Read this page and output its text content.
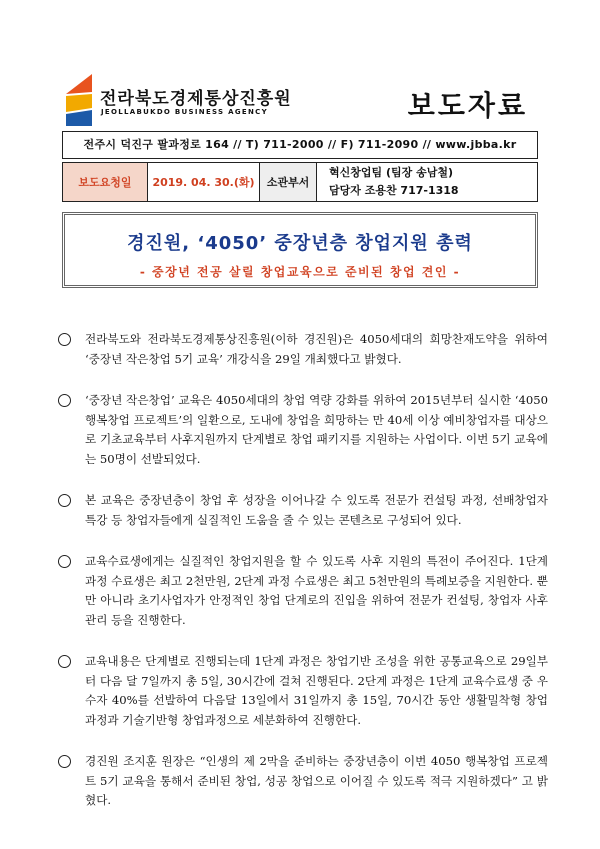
전라북도경제통상진흥원
JEOLLABUKDO BUSINESS AGENCY	보도자료
전주시 덕진구 팔과정로 164 // T) 711-2000 // F) 711-2090 // www.jbba.kr
보도요청일	2019. 04. 30.(화)	소관부서
혁신창업팀 (팀장 송남철)
담당자 조용찬 717-1318
경진원, ‘4050’ 중장년층 창업지원 총력
- 중장년 전공 살릴 창업교육으로 준비된 창업 견인 -
전라북도와 전라북도경제통상진흥원(이하 경진원)은 4050세대의 희망찬재도약을 위하여 ‘중장년 작은창업 5기 교육’ 개강식을 29일 개최했다고 밝혔다.
‘중장년 작은창업’ 교육은 4050세대의 창업 역량 강화를 위하여 2015년부터 실시한 ‘4050 행복창업 프로젝트’의 일환으로, 도내에 창업을 희망하는 만 40세 이상 예비창업자를 대상으로 기초교육부터 사후지원까지 단계별로 창업 패키지를 지원하는 사업이다. 이번 5기 교육에는 50명이 선발되었다.
본 교육은 중장년층이 창업 후 성장을 이어나갈 수 있도록 전문가 컨설팅 과정, 선배창업자 특강 등 창업자들에게 실질적인 도움을 줄 수 있는 콘텐츠로 구성되어 있다.
교육수료생에게는 실질적인 창업지원을 할 수 있도록 사후 지원의 특전이 주어진다. 1단계 과정 수료생은 최고 2천만원, 2단계 과정 수료생은 최고 5천만원의 특례보증을 지원한다. 뿐만 아니라 초기사업자가 안정적인 창업 단계로의 진입을 위하여 전문가 컨설팅, 창업자 사후관리 등을 진행한다.
교육내용은 단계별로 진행되는데 1단계 과정은 창업기반 조성을 위한 공통교육으로 29일부터 다음 달 7일까지 총 5일, 30시간에 걸쳐 진행된다. 2단계 과정은 1단계 교육수료생 중 우수자 40%를 선발하여 다음달 13일에서 31일까지 총 15일, 70시간 동안 생활밀착형 창업과정과 기술기반형 창업과정으로 세분화하여 진행한다.
경진원 조지훈 원장은 “인생의 제 2막을 준비하는 중장년층이 이번 4050 행복창업 프로젝트 5기 교육을 통해서 준비된 창업, 성공 창업으로 이어질 수 있도록 적극 지원하겠다” 고 밝혔다.
